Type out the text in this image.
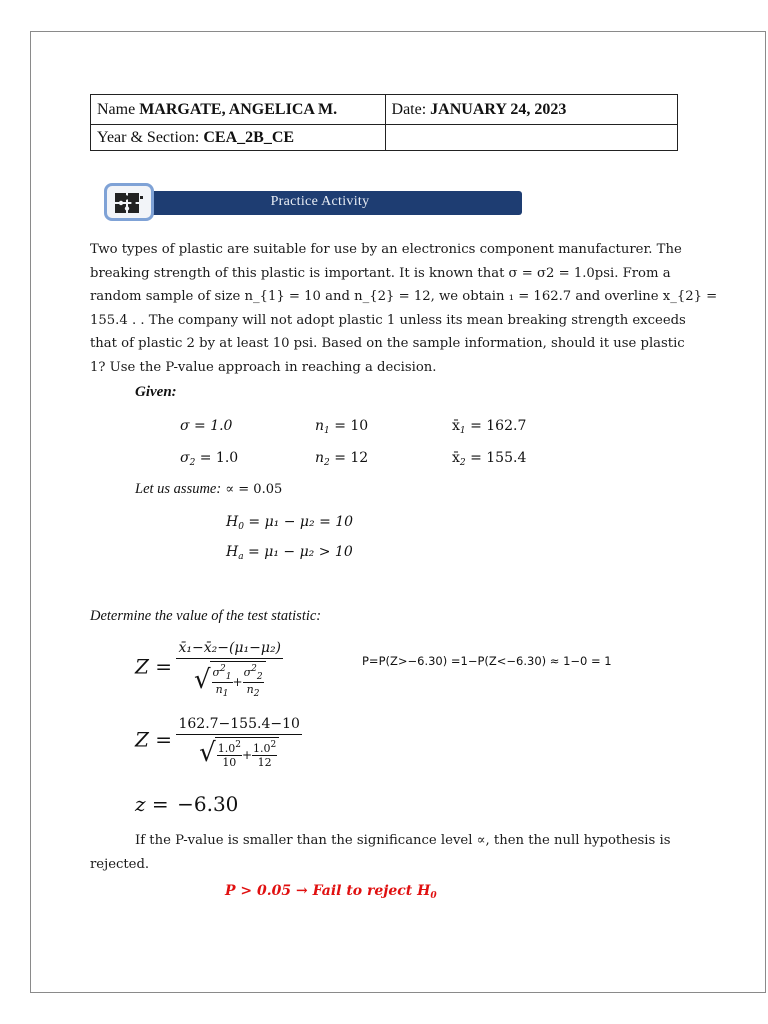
Name MARGATE, ANGELICA M.	Date: JANUARY 24, 2023
Year & Section: CEA_2B_CE	
Practice Activity
Two types of plastic are suitable for use by an electronics component manufacturer. The
breaking strength of this plastic is important. It is known that σ = σ2 = 1.0psi. From a
random sample of size n_{1} = 10 and n_{2} = 12, we obtain ₁ = 162.7 and overline x_{2} =
155.4 . . The company will not adopt plastic 1 unless its mean breaking strength exceeds
that of plastic 2 by at least 10 psi. Based on the sample information, should it use plastic
1? Use the P-value approach in reaching a decision.
Given:
σ = 1.0	$n_1 = 10$	$x̄_1 = 162.7$
$\sigma_2 = 1.0$	$n_2 = 12$	$x̄_2 = 155.4$
Let us assume: ∝ = 0.05
$H_0 = \mu_1 - \mu_2 = 10$
$H_a = \mu_1 - \mu_2 > 10$
Determine the value of the test statistic:
$Z = \frac{\text{x̄₁−x̄₂−(μ₁−μ₂)}}{√ \frac{\sigma^2_1}{n_1} + \frac{\sigma^2_2}{n_2}}$	P=P(Z>−6.30) =1−P(Z<−6.30) ≈ 1−0 = 1
$Z = \frac{162.7-155.4-10}{√ \frac{1.0^2}{10} + \frac{1.0^2}{12}}$
z = −6.30
If the P-value is smaller than the significance level ∝, then the null hypothesis is
rejected.
P > 0.05 → Fail to reject $H_0$
